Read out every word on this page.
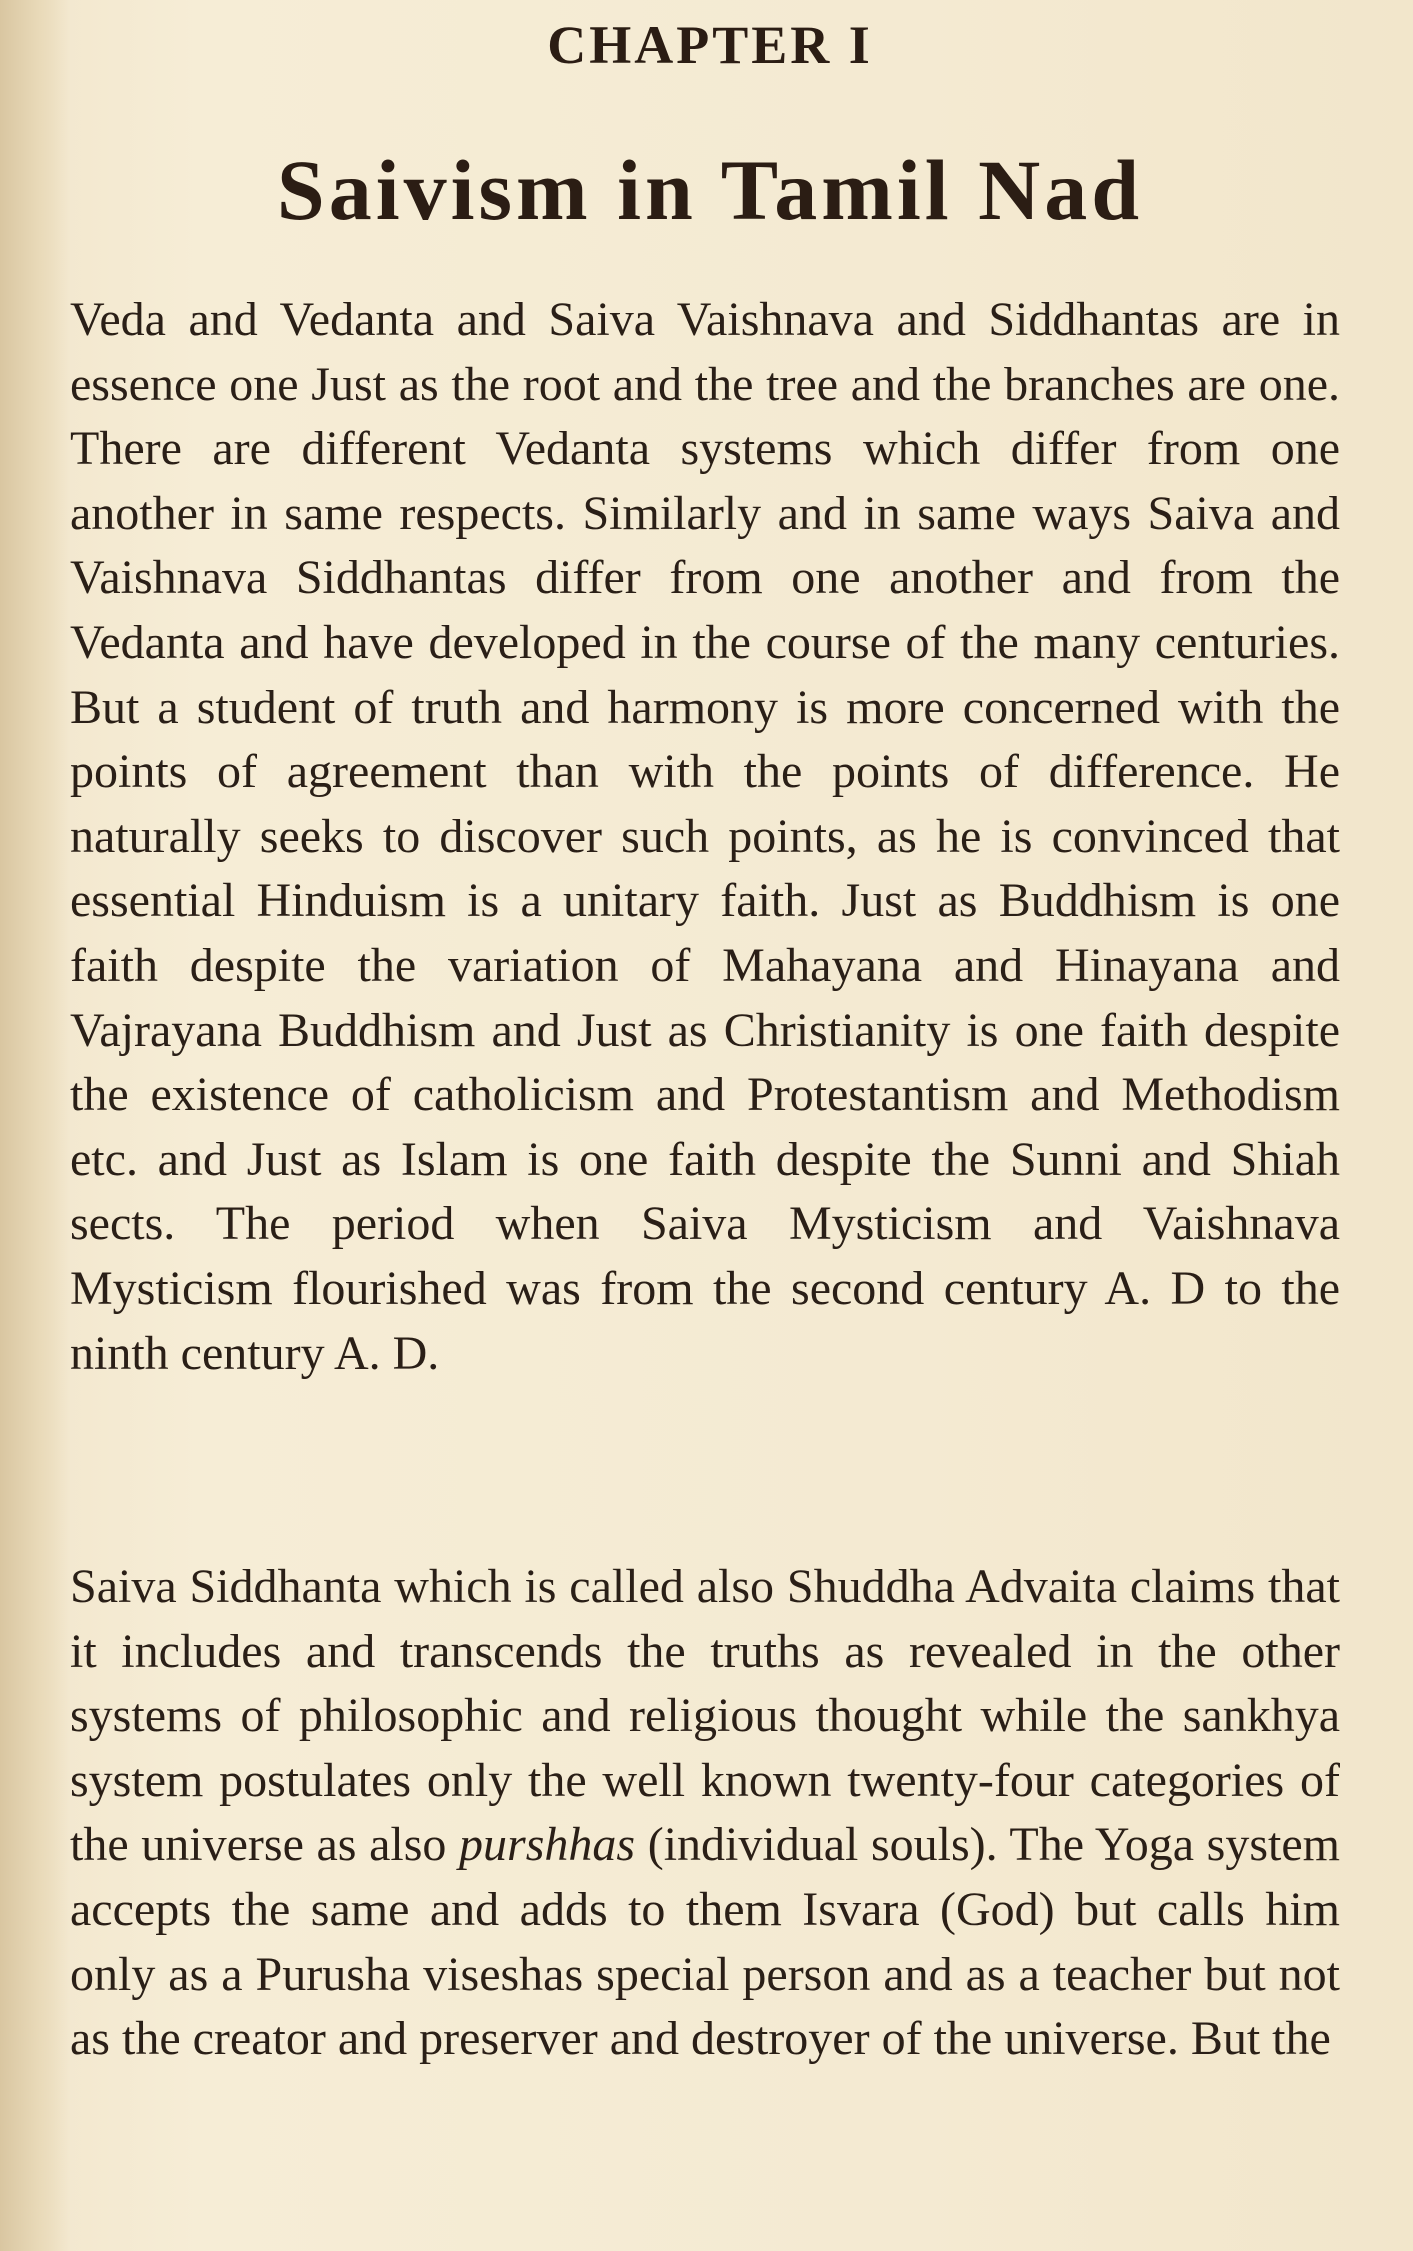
CHAPTER I
Saivism in Tamil Nad

Veda and Vedanta and Saiva Vaishnava and Siddhantas are in essence one Just as the root and the tree and the branches are one. There are different Vedanta systems which differ from one another in same respects. Similarly and in same ways Saiva and Vaishnava Siddhantas differ from one another and from the Vedanta and have developed in the course of the many centuries. But a student of truth and harmony is more concerned with the points of agreement than with the points of difference. He naturally seeks to discover such points, as he is convinced that essential Hinduism is a unitary faith. Just as Buddhism is one faith despite the variation of Mahayana and Hinayana and Vajrayana Buddhism and Just as Christianity is one faith despite the existence of catholicism and Protestantism and Methodism etc. and Just as Islam is one faith despite the Sunni and Shiah sects. The period when Saiva Mysticism and Vaishnava Mysticism flourished was from the second century A. D to the ninth century A. D.

Saiva Siddhanta which is called also Shuddha Advaita claims that it includes and transcends the truths as revealed in the other systems of philosophic and religious thought while the sankhya system postulates only the well known twenty-four categories of the universe as also purshhas (individual souls). The Yoga system accepts the same and adds to them Isvara (God) but calls him only as a Purusha viseshas special person and as a teacher but not as the creator and preserver and destroyer of the universe. But the
